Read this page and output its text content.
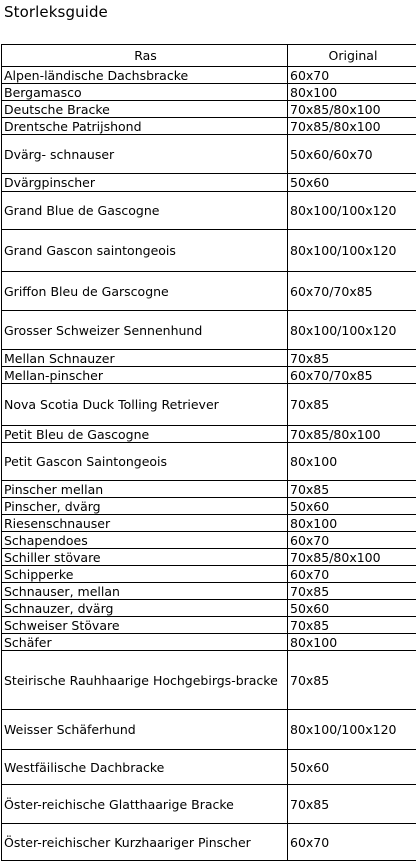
Storleksguide
Ras	Original
Alpen-ländische Dachsbracke	60x70
Bergamasco	80x100
Deutsche Bracke	70x85/80x100
Drentsche Patrijshond	70x85/80x100
Dvärg- schnauser	50x60/60x70
Dvärgpinscher	50x60
Grand Blue de Gascogne	80x100/100x120
Grand Gascon saintongeois	80x100/100x120
Griffon Bleu de Garscogne	60x70/70x85
Grosser Schweizer Sennenhund	80x100/100x120
Mellan Schnauzer	70x85
Mellan-pinscher	60x70/70x85
Nova Scotia Duck Tolling Retriever	70x85
Petit Bleu de Gascogne	70x85/80x100
Petit Gascon Saintongeois	80x100
Pinscher mellan	70x85
Pinscher, dvärg	50x60
Riesenschnauser	80x100
Schapendoes	60x70
Schiller stövare	70x85/80x100
Schipperke	60x70
Schnauser, mellan	70x85
Schnauzer, dvärg	50x60
Schweiser Stövare	70x85
Schäfer	80x100
Steirische Rauhhaarige Hochgebirgs-bracke	70x85
Weisser Schäferhund	80x100/100x120
Westfäilische Dachbracke	50x60
Öster-reichische Glatthaarige Bracke	70x85
Öster-reichischer Kurzhaariger Pinscher	60x70
